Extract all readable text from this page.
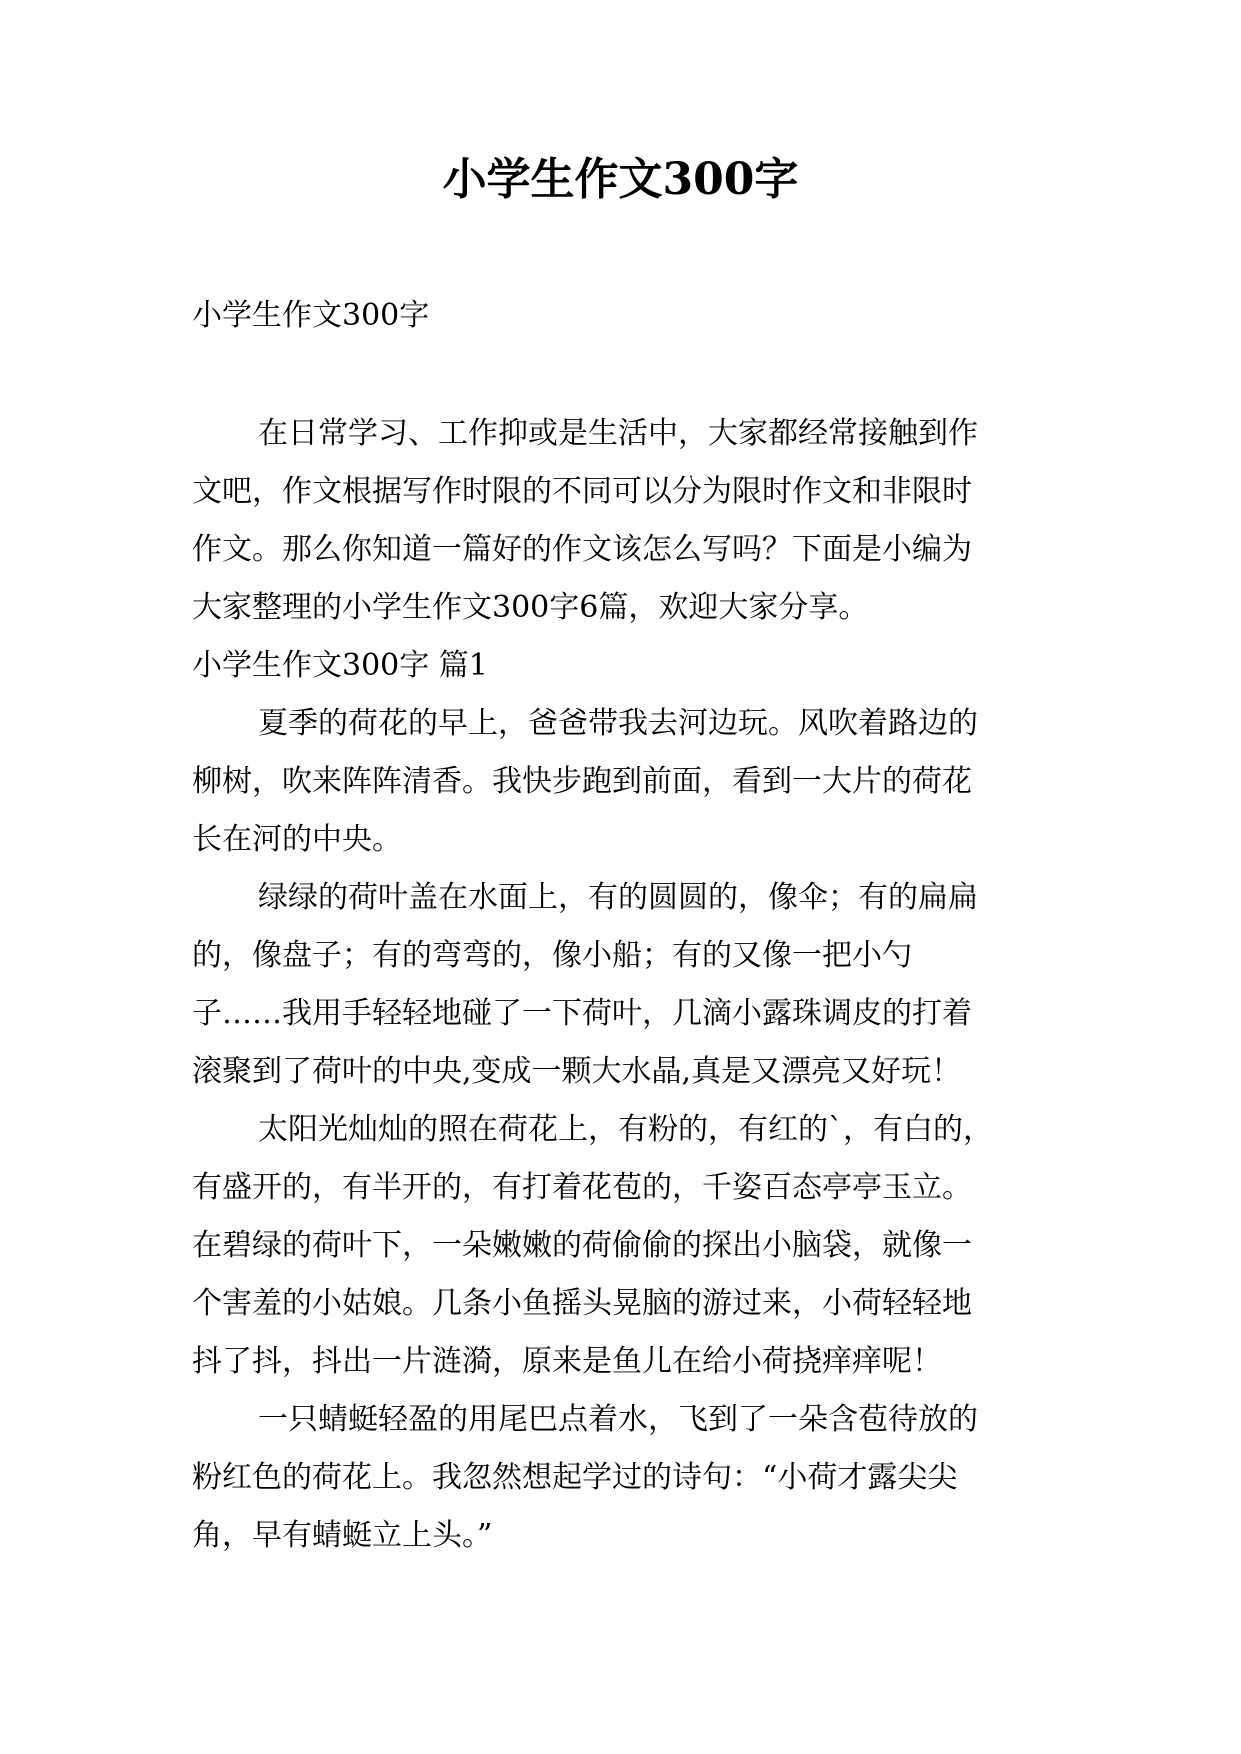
小学生作文300字

小学生作文300字

在日常学习、工作抑或是生活中，大家都经常接触到作

文吧，作文根据写作时限的不同可以分为限时作文和非限时

作文。那么你知道一篇好的作文该怎么写吗？下面是小编为

大家整理的小学生作文300字6篇，欢迎大家分享。

小学生作文300字 篇1

夏季的荷花的早上，爸爸带我去河边玩。风吹着路边的

柳树，吹来阵阵清香。我快步跑到前面，看到一大片的荷花

长在河的中央。

绿绿的荷叶盖在水面上，有的圆圆的，像伞；有的扁扁

的，像盘子；有的弯弯的，像小船；有的又像一把小勺

子……我用手轻轻地碰了一下荷叶，几滴小露珠调皮的打着

滚聚到了荷叶的中央,变成一颗大水晶,真是又漂亮又好玩！

太阳光灿灿的照在荷花上，有粉的，有红的`，有白的，

有盛开的，有半开的，有打着花苞的，千姿百态亭亭玉立。

在碧绿的荷叶下，一朵嫩嫩的荷偷偷的探出小脑袋，就像一

个害羞的小姑娘。几条小鱼摇头晃脑的游过来，小荷轻轻地

抖了抖，抖出一片涟漪，原来是鱼儿在给小荷挠痒痒呢！

一只蜻蜓轻盈的用尾巴点着水，飞到了一朵含苞待放的

粉红色的荷花上。我忽然想起学过的诗句：“小荷才露尖尖

角，早有蜻蜓立上头。”
